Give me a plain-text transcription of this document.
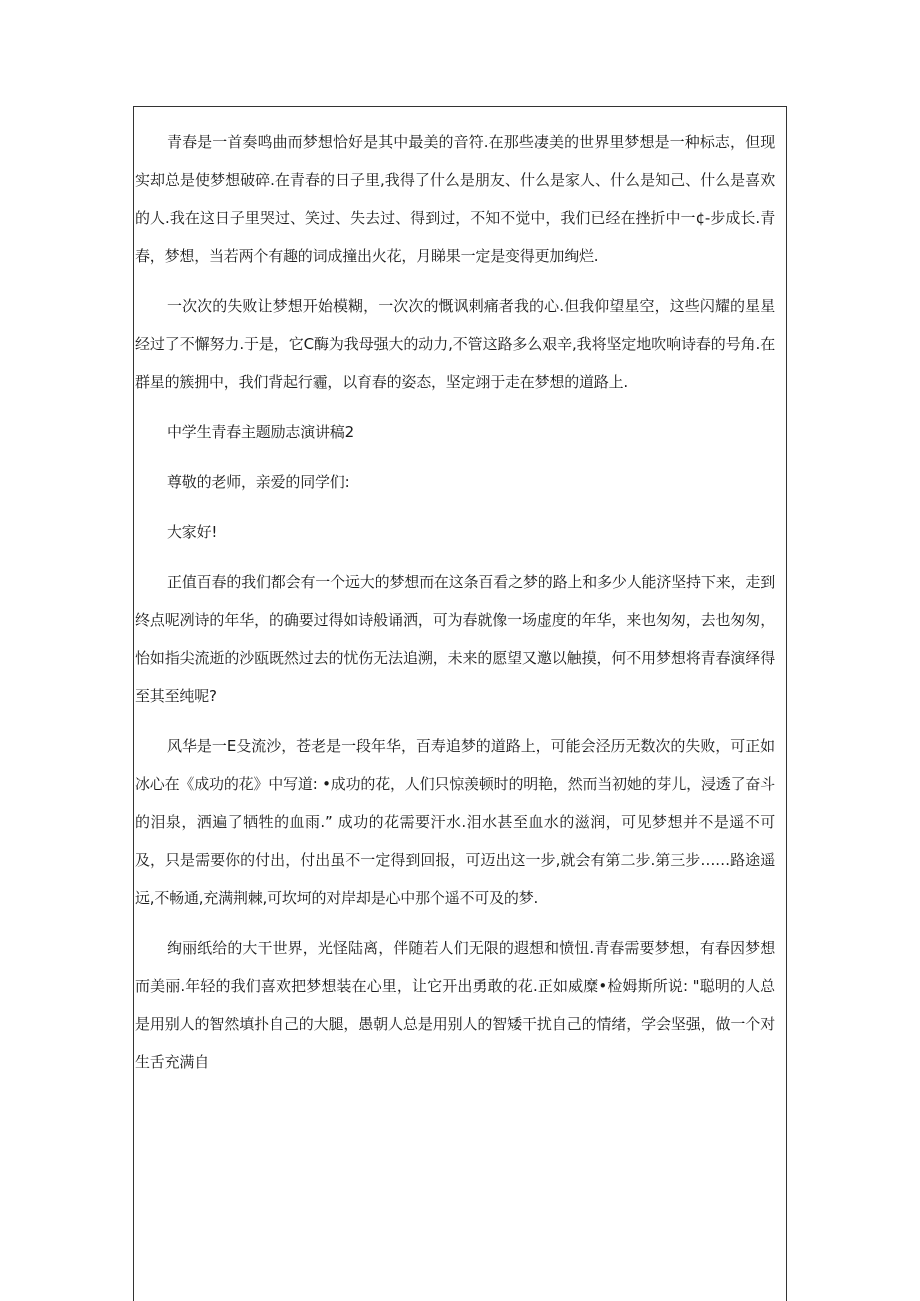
青春是一首奏鸣曲而梦想恰好是其中最美的音符.在那些凄美的世界里梦想是一种标志，但现实却总是使梦想破碎.在青春的日子里,我得了什么是朋友、什么是家人、什么是知己、什么是喜欢的人.我在这日子里哭过、笑过、失去过、得到过，不知不觉中，我们已经在挫折中一¢-步成长.青春，梦想，当若两个有趣的词成撞出火花，月睇果一定是变得更加绚烂.

一次次的失败让梦想开始模糊，一次次的慨讽剌痛者我的心.但我仰望星空，这些闪耀的星星经过了不懈努力.于是，它C酶为我母强大的动力,不管这路多么艰辛,我将坚定地吹响诗春的号角.在群星的簇拥中，我们背起行霾，以育春的姿态，坚定翊于走在梦想的道路上.

中学生青春主题励志演讲稿2

尊敬的老师，亲爱的同学们:

大家好!

正值百春的我们都会有一个远大的梦想而在这条百看之梦的路上和多少人能济坚持下来，走到终点呢冽诗的年华，的确要过得如诗般诵洒，可为春就像一场虚度的年华，来也匆匆，去也匆匆，怡如指尖流逝的沙瓯既然过去的忧伤无法追溯，未来的愿望又邀以触摸，何不用梦想将青春演绎得至其至纯呢?

风华是一E殳流沙，苍老是一段年华，百寿追梦的道路上，可能会泾历无数次的失败，可正如冰心在《成功的花》中写道: •成功的花，人们只惊羡顿时的明艳，然而当初她的芽儿，浸透了奋斗的泪泉，洒遍了牺牲的血雨.” 成功的花需要汗水.泪水甚至血水的滋润，可见梦想并不是遥不可及，只是需要你的付出，付出虽不一定得到回报，可迈出这一步,就会有第二步.第三步……路途遥远,不畅通,充满荆棘,可坎坷的对岸却是心中那个遥不可及的梦.

绚丽纸给的大干世界，光怪陆离，伴随若人们无限的遐想和愤忸.青春需要梦想，有春因梦想而美丽.年轻的我们喜欢把梦想装在心里，让它开出勇敢的花.正如威糜•检姆斯所说: "聪明的人总是用别人的智然填扑自己的大腿，愚朝人总是用别人的智矮干扰自己的情绪，学会坚强，做一个对生舌充满自
